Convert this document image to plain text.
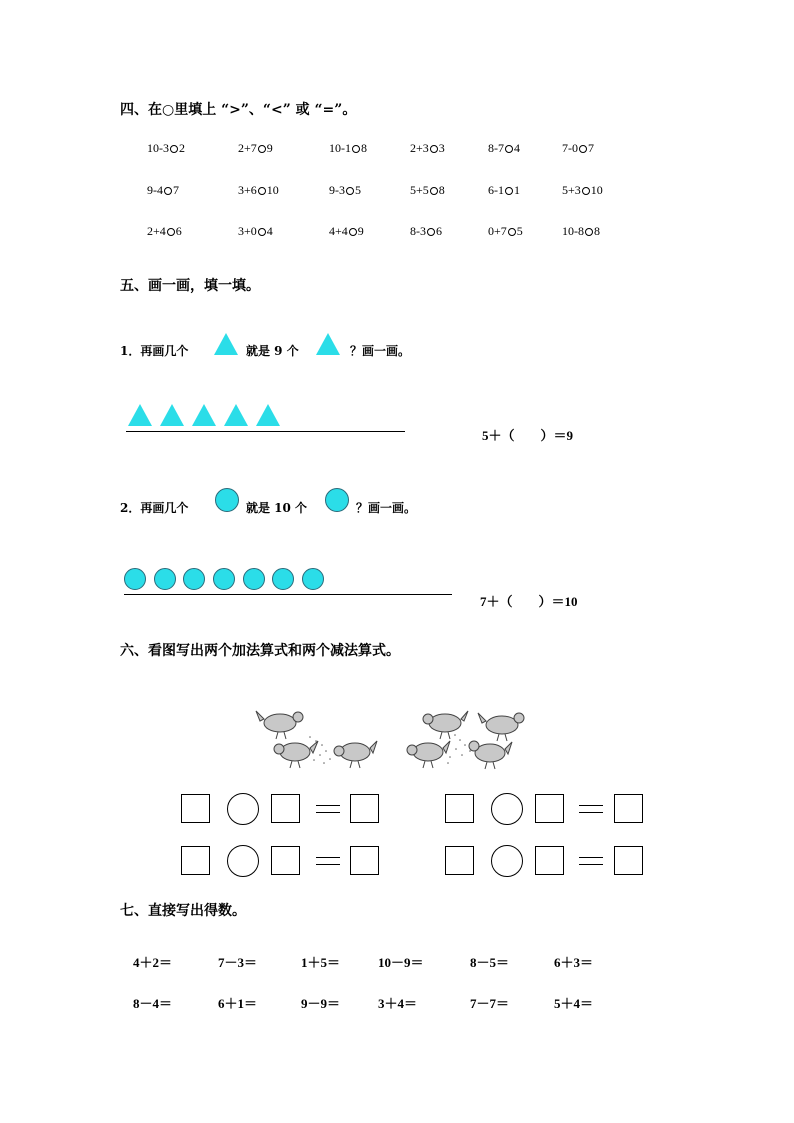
四、在○里填上 “>”、“<” 或 “=”。
10-3 2	2+7 9	10-1 8	2+3 3	8-7 4	7-0 7
9-4 7	3+6 10	9-3 5	5+5 8	6-1 1	5+3 10
2+4 6	3+0 4	4+4 9	8-3 6	0+7 5	10-8 8
五、画一画，填一填。
1．再画几个	就是 9 个	？画一画。
5＋（　　）＝9
2．再画几个	就是 10 个	？画一画。
7＋（　　）＝10
六、看图写出两个加法算式和两个减法算式。
七、直接写出得数。
4＋2＝	7－3＝	1＋5＝	10－9＝	8－5＝	6＋3＝
8－4＝	6＋1＝	9－9＝	3＋4＝	7－7＝	5＋4＝
